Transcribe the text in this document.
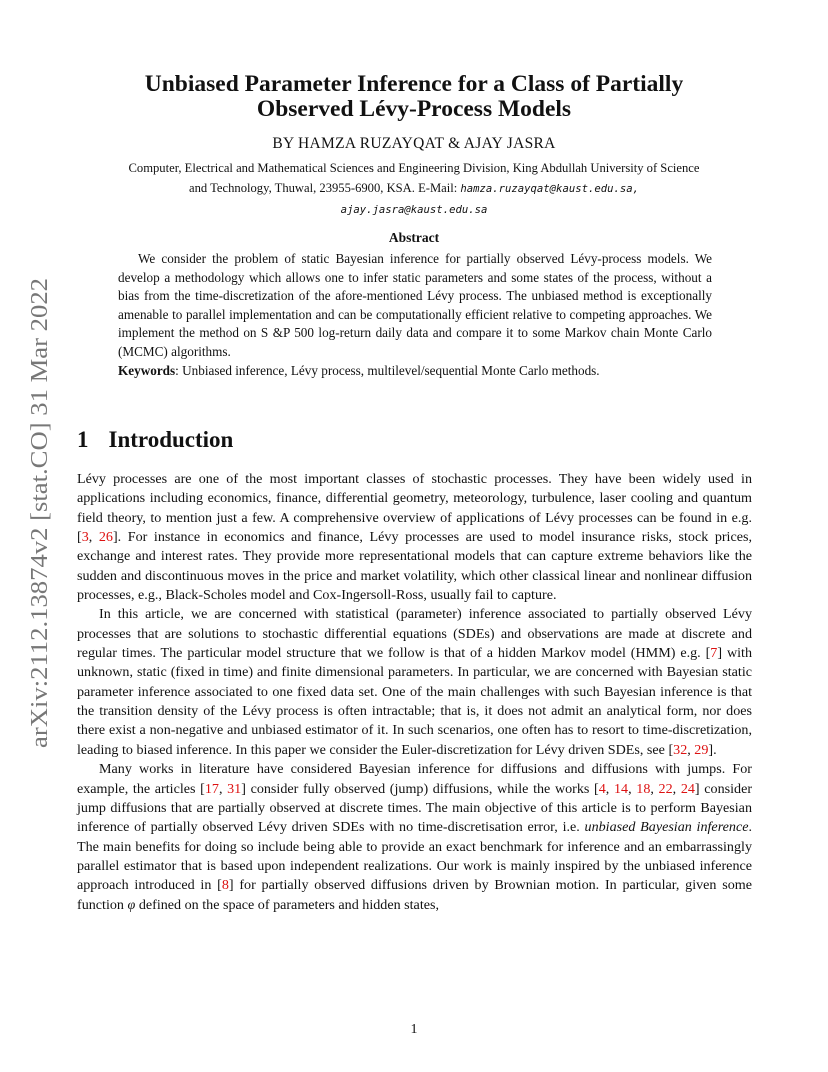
arXiv:2112.13874v2 [stat.CO] 31 Mar 2022
Unbiased Parameter Inference for a Class of Partially
Observed Lévy-Process Models
BY HAMZA RUZAYQAT & AJAY JASRA
Computer, Electrical and Mathematical Sciences and Engineering Division, King Abdullah University of Science
and Technology, Thuwal, 23955-6900, KSA. E-Mail: hamza.ruzayqat@kaust.edu.sa,
ajay.jasra@kaust.edu.sa
Abstract

We consider the problem of static Bayesian inference for partially observed Lévy-process models. We develop a methodology which allows one to infer static parameters and some states of the process, without a bias from the time-discretization of the afore-mentioned Lévy process. The unbiased method is exceptionally amenable to parallel implementation and can be computationally efficient relative to competing approaches. We implement the method on S &P 500 log-return daily data and compare it to some Markov chain Monte Carlo (MCMC) algorithms.

Keywords: Unbiased inference, Lévy process, multilevel/sequential Monte Carlo methods.

1 Introduction

Lévy processes are one of the most important classes of stochastic processes. They have been widely used in applications including economics, finance, differential geometry, meteorology, turbulence, laser cooling and quantum field theory, to mention just a few. A comprehensive overview of applications of Lévy processes can be found in e.g. [3, 26]. For instance in economics and finance, Lévy processes are used to model insurance risks, stock prices, exchange and interest rates. They provide more representational models that can capture extreme behaviors like the sudden and discontinuous moves in the price and market volatility, which other classical linear and nonlinear diffusion processes, e.g., Black-Scholes model and Cox-Ingersoll-Ross, usually fail to capture.

In this article, we are concerned with statistical (parameter) inference associated to partially observed Lévy processes that are solutions to stochastic differential equations (SDEs) and observations are made at discrete and regular times. The particular model structure that we follow is that of a hidden Markov model (HMM) e.g. [7] with unknown, static (fixed in time) and finite dimensional parameters. In particular, we are concerned with Bayesian static parameter inference associated to one fixed data set. One of the main challenges with such Bayesian inference is that the transition density of the Lévy process is often intractable; that is, it does not admit an analytical form, nor does there exist a non-negative and unbiased estimator of it. In such scenarios, one often has to resort to time-discretization, leading to biased inference. In this paper we consider the Euler-discretization for Lévy driven SDEs, see [32, 29].

Many works in literature have considered Bayesian inference for diffusions and diffusions with jumps. For example, the articles [17, 31] consider fully observed (jump) diffusions, while the works [4, 14, 18, 22, 24] consider jump diffusions that are partially observed at discrete times. The main objective of this article is to perform Bayesian inference of partially observed Lévy driven SDEs with no time-discretisation error, i.e. unbiased Bayesian inference. The main benefits for doing so include being able to provide an exact benchmark for inference and an embarrassingly parallel estimator that is based upon independent realizations. Our work is mainly inspired by the unbiased inference approach introduced in [8] for partially observed diffusions driven by Brownian motion. In particular, given some function φ defined on the space of parameters and hidden states,

1
